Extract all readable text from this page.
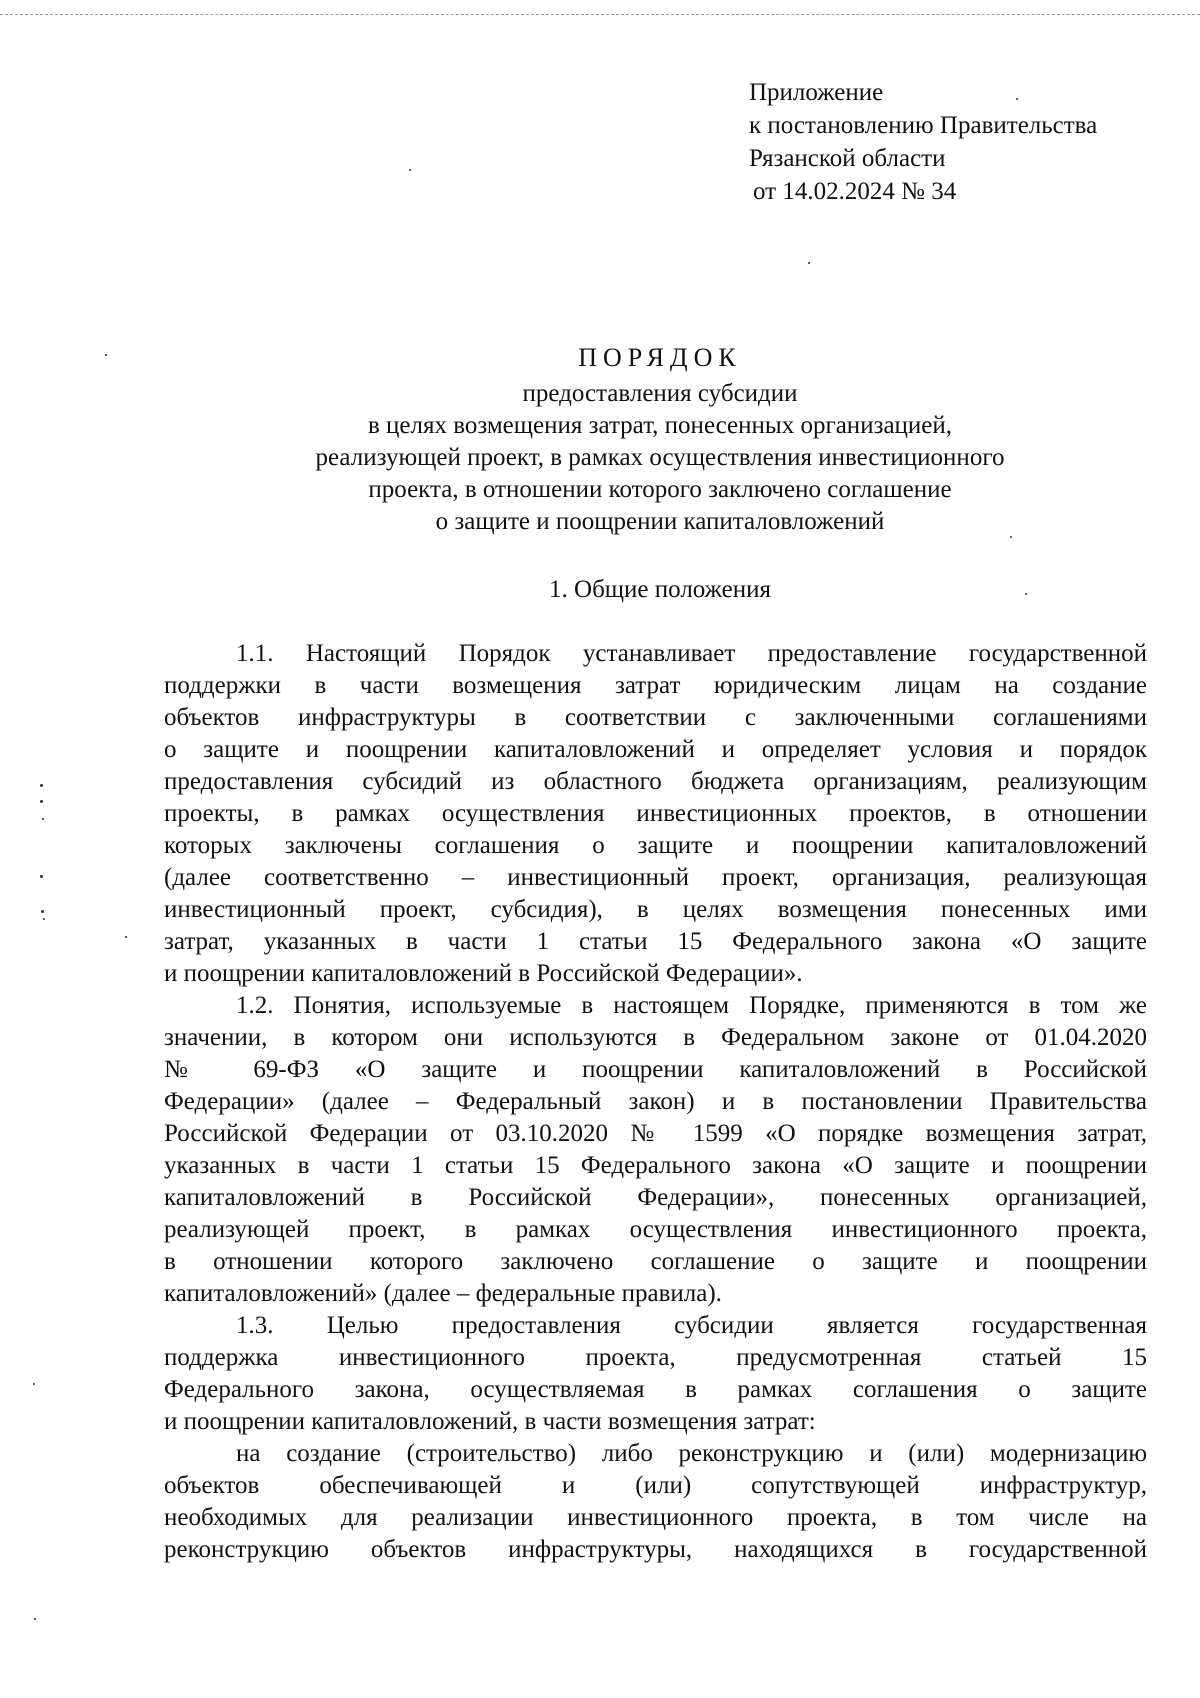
Приложение
к постановлению Правительства
Рязанской области
от 14.02.2024 № 34
ПОРЯДОК
предоставления субсидии
в целях возмещения затрат, понесенных организацией,
реализующей проект, в рамках осуществления инвестиционного
проекта, в отношении которого заключено соглашение
о защите и поощрении капиталовложений
1. Общие положения
1.1. Настоящий Порядок устанавливает предоставление государственной
поддержки в части возмещения затрат юридическим лицам на создание
объектов инфраструктуры в соответствии с заключенными соглашениями
о защите и поощрении капиталовложений и определяет условия и порядок
предоставления субсидий из областного бюджета организациям, реализующим
проекты, в рамках осуществления инвестиционных проектов, в отношении
которых заключены соглашения о защите и поощрении капиталовложений
(далее соответственно – инвестиционный проект, организация, реализующая
инвестиционный проект, субсидия), в целях возмещения понесенных ими
затрат, указанных в части 1 статьи 15 Федерального закона «О защите
и поощрении капиталовложений в Российской Федерации».
1.2. Понятия, используемые в настоящем Порядке, применяются в том же
значении, в котором они используются в Федеральном законе от 01.04.2020
№ 69-ФЗ «О защите и поощрении капиталовложений в Российской
Федерации» (далее – Федеральный закон) и в постановлении Правительства
Российской Федерации от 03.10.2020 № 1599 «О порядке возмещения затрат,
указанных в части 1 статьи 15 Федерального закона «О защите и поощрении
капиталовложений в Российской Федерации», понесенных организацией,
реализующей проект, в рамках осуществления инвестиционного проекта,
в отношении которого заключено соглашение о защите и поощрении
капиталовложений» (далее – федеральные правила).
1.3. Целью предоставления субсидии является государственная
поддержка инвестиционного проекта, предусмотренная статьей 15
Федерального закона, осуществляемая в рамках соглашения о защите
и поощрении капиталовложений, в части возмещения затрат:
на создание (строительство) либо реконструкцию и (или) модернизацию
объектов обеспечивающей и (или) сопутствующей инфраструктур,
необходимых для реализации инвестиционного проекта, в том числе на
реконструкцию объектов инфраструктуры, находящихся в государственной
